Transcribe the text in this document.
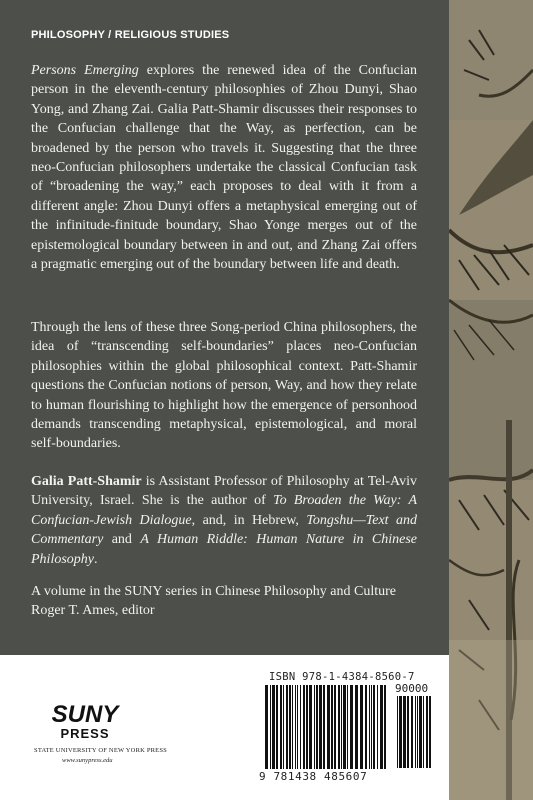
PHILOSOPHY / RELIGIOUS STUDIES

Persons Emerging explores the renewed idea of the Confucian person in the eleventh-century philosophies of Zhou Dunyi, Shao Yong, and Zhang Zai. Galia Patt-Shamir discusses their responses to the Confucian challenge that the Way, as perfection, can be broadened by the person who travels it. Suggesting that the three neo-Confucian philosophers undertake the classical Confucian task of “broadening the way,” each proposes to deal with it from a different angle: Zhou Dunyi offers a metaphysical emerging out of the infinitude-finitude boundary, Shao Yonge merges out of the epistemological boundary between in and out, and Zhang Zai offers a pragmatic emerging out of the boundary between life and death.

Through the lens of these three Song-period China philosophers, the idea of “transcending self-boundaries” places neo-Confucian philosophies within the global philosophical context. Patt-Shamir questions the Confucian notions of person, Way, and how they relate to human flourishing to highlight how the emergence of personhood demands transcending metaphysical, epistemological, and moral self-boundaries.

Galia Patt-Shamir is Assistant Professor of Philosophy at Tel-Aviv University, Israel. She is the author of To Broaden the Way: A Confucian-Jewish Dialogue, and, in Hebrew, Tongshu—Text and Commentary and A Human Riddle: Human Nature in Chinese Philosophy.

A volume in the SUNY series in Chinese Philosophy and Culture
Roger T. Ames, editor

SUNY
PRESS
STATE UNIVERSITY OF NEW YORK PRESS
www.sunypress.edu
ISBN 978-1-4384-8560-7
90000
9 781438 485607
